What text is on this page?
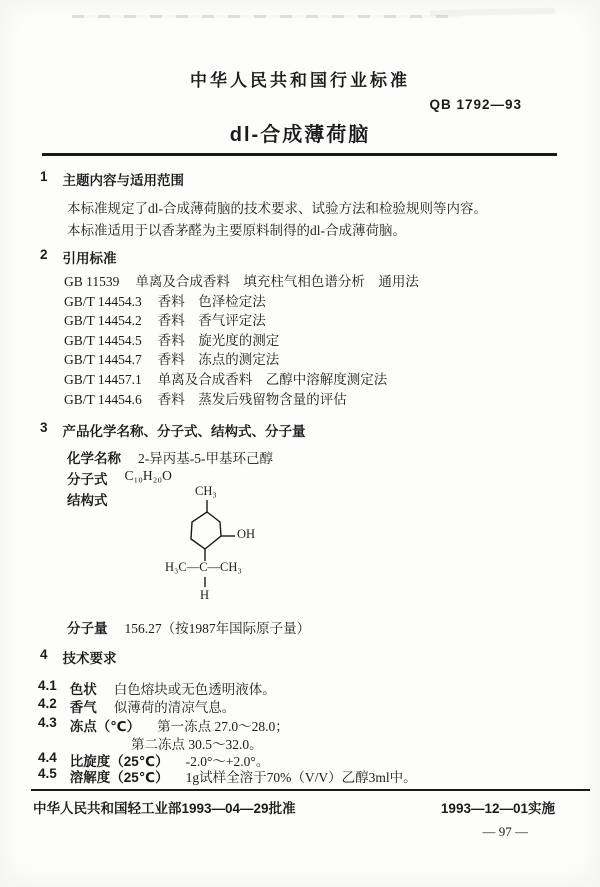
中华人民共和国行业标准
QB 1792—93
dl-合成薄荷脑
1 主题内容与适用范围
本标准规定了dl-合成薄荷脑的技术要求、试验方法和检验规则等内容。
本标准适用于以香茅醛为主要原料制得的dl-合成薄荷脑。
2 引用标准
GB 11539 单离及合成香料　填充柱气相色谱分析　通用法
GB/T 14454.3 香料　色泽检定法
GB/T 14454.2 香料　香气评定法
GB/T 14454.5 香料　旋光度的测定
GB/T 14454.7 香料　冻点的测定法
GB/T 14457.1 单离及合成香料　乙醇中溶解度测定法
GB/T 14454.6 香料　蒸发后残留物含量的评估
3 产品化学名称、分子式、结构式、分子量
化学名称 2-异丙基-5-甲基环己醇
分子式 C₁₀H₂₀O
结构式
CH₃
OH
H₃C—C—CH₃
H
分子量 156.27（按1987年国际原子量）
4 技术要求
4.1 色状 白色熔块或无色透明液体。
4.2 香气 似薄荷的清凉气息。
4.3 冻点（℃） 第一冻点 27.0～28.0；
第二冻点 30.5～32.0。
4.4 比旋度（25℃） -2.0°～+2.0°。
4.5 溶解度（25℃） 1g试样全溶于70%（V/V）乙醇3ml中。
中华人民共和国轻工业部1993—04—29批准	1993—12—01实施
— 97 —
